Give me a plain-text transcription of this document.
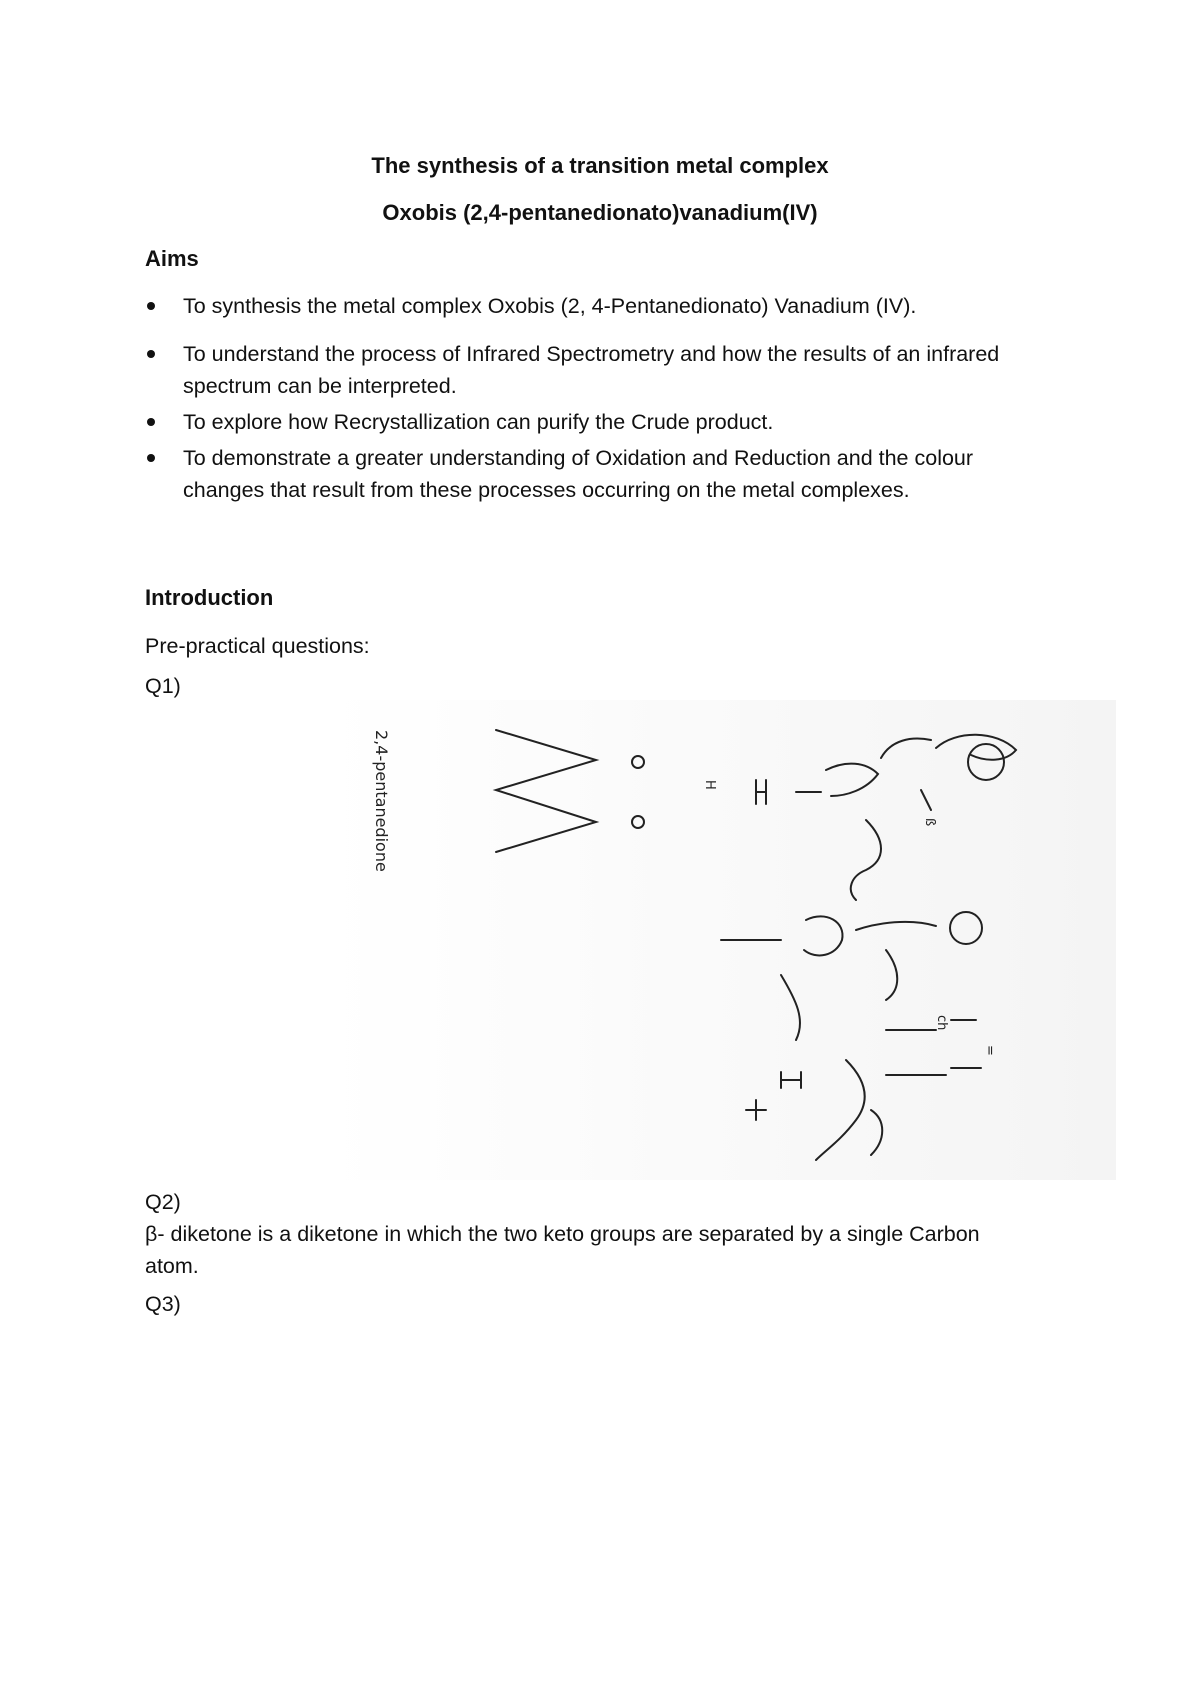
The synthesis of a transition metal complex
Oxobis (2,4-pentanedionato)vanadium(IV)
Aims
To synthesis the metal complex Oxobis (2, 4-Pentanedionato) Vanadium (IV).
To understand the process of Infrared Spectrometry and how the results of an infrared spectrum can be interpreted.
To explore how Recrystallization can purify the Crude product.
To demonstrate a greater understanding of Oxidation and Reduction and the colour changes that result from these processes occurring on the metal complexes.
Introduction
Pre-practical questions:
Q1)
H
ß
ch
=
2,4-pentanedione
Q2)
β- diketone is a diketone in which the two keto groups are separated by a single Carbon atom.
Q3)
